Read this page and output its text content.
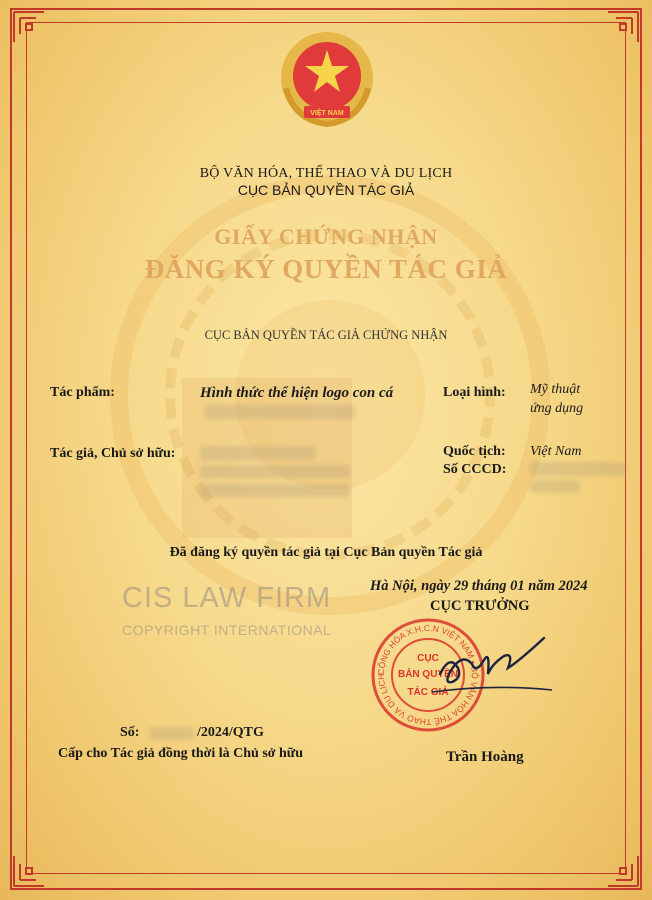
VIỆT NAM
BỘ VĂN HÓA, THỂ THAO VÀ DU LỊCH
CỤC BẢN QUYỀN TÁC GIẢ
GIẤY CHỨNG NHẬN
ĐĂNG KÝ QUYỀN TÁC GIẢ
CỤC BẢN QUYỀN TÁC GIẢ CHỨNG NHẬN
Tác phẩm:	Hình thức thể hiện logo con cá	Loại hình: Mỹ thuật
ứng dụng
Tác giả, Chủ sở hữu:	Quốc tịch: Việt Nam
Số CCCD:
Đã đăng ký quyền tác giả tại Cục Bản quyền Tác giả
CIS LAW FIRM
COPYRIGHT INTERNATIONAL
Hà Nội, ngày 29 tháng 01 năm 2024
CỤC TRƯỞNG
CỘNG HÒA X.H.C.N VIỆT NAM • BỘ VĂN HÓA THỂ THAO VÀ DU LỊCH
CỤC
BẢN QUYỀN
TÁC GIẢ
Trần Hoàng
Số:	/2024/QTG
Cấp cho Tác giả đồng thời là Chủ sở hữu
